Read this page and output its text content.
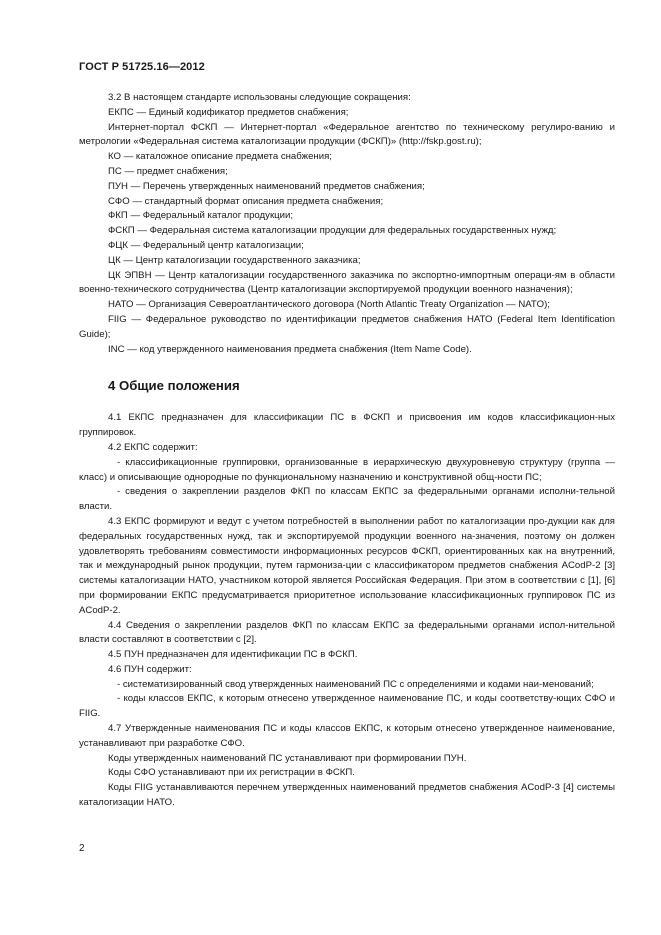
ГОСТ Р 51725.16—2012

3.2 В настоящем стандарте использованы следующие сокращения:

ЕКПС — Единый кодификатор предметов снабжения;

Интернет-портал ФСКП — Интернет-портал «Федеральное агентство по техническому регулиро-ванию и метрологии «Федеральная система каталогизации продукции (ФСКП)» (http://fskp.gost.ru);

КО — каталожное описание предмета снабжения;

ПС — предмет снабжения;

ПУН — Перечень утвержденных наименований предметов снабжения;

СФО — стандартный формат описания предмета снабжения;

ФКП — Федеральный каталог продукции;

ФСКП — Федеральная система каталогизации продукции для федеральных государственных нужд;

ФЦК — Федеральный центр каталогизации;

ЦК — Центр каталогизации государственного заказчика;

ЦК ЭПВН — Центр каталогизации государственного заказчика по экспортно-импортным операци-ям в области военно-технического сотрудничества (Центр каталогизации экспортируемой продукции военного назначения);

НАТО — Организация Североатлантического договора (North Atlantic Treaty Organization — NATO);

FIIG — Федеральное руководство по идентификации предметов снабжения НАТО (Federal Item Identification Guide);

INC — код утвержденного наименования предмета снабжения (Item Name Code).

4 Общие положения

4.1 ЕКПС предназначен для классификации ПС в ФСКП и присвоения им кодов классификацион-ных группировок.

4.2 ЕКПС содержит:

- классификационные группировки, организованные в иерархическую двухуровневую структуру (группа — класс) и описывающие однородные по функциональному назначению и конструктивной общ-ности ПС;

- сведения о закреплении разделов ФКП по классам ЕКПС за федеральными органами исполни-тельной власти.

4.3 ЕКПС формируют и ведут с учетом потребностей в выполнении работ по каталогизации про-дукции как для федеральных государственных нужд, так и экспортируемой продукции военного на-значения, поэтому он должен удовлетворять требованиям совместимости информационных ресурсов ФСКП, ориентированных как на внутренний, так и международный рынок продукции, путем гармониза-ции с классификатором предметов снабжения ACodP-2 [3] системы каталогизации НАТО, участником которой является Российская Федерация. При этом в соответствии с [1], [6] при формировании ЕКПС предусматривается приоритетное использование классификационных группировок ПС из ACodP-2.

4.4 Сведения о закреплении разделов ФКП по классам ЕКПС за федеральными органами испол-нительной власти составляют в соответствии с [2].

4.5 ПУН предназначен для идентификации ПС в ФСКП.

4.6 ПУН содержит:

- систематизированный свод утвержденных наименований ПС с определениями и кодами наи-менований;

- коды классов ЕКПС, к которым отнесено утвержденное наименование ПС, и коды соответству-ющих СФО и FIIG.

4.7 Утвержденные наименования ПС и коды классов ЕКПС, к которым отнесено утвержденное наименование, устанавливают при разработке СФО.

Коды утвержденных наименований ПС устанавливают при формировании ПУН.

Коды СФО устанавливают при их регистрации в ФСКП.

Коды FIIG устанавливаются перечнем утвержденных наименований предметов снабжения ACodP-3 [4] системы каталогизации НАТО.

2
